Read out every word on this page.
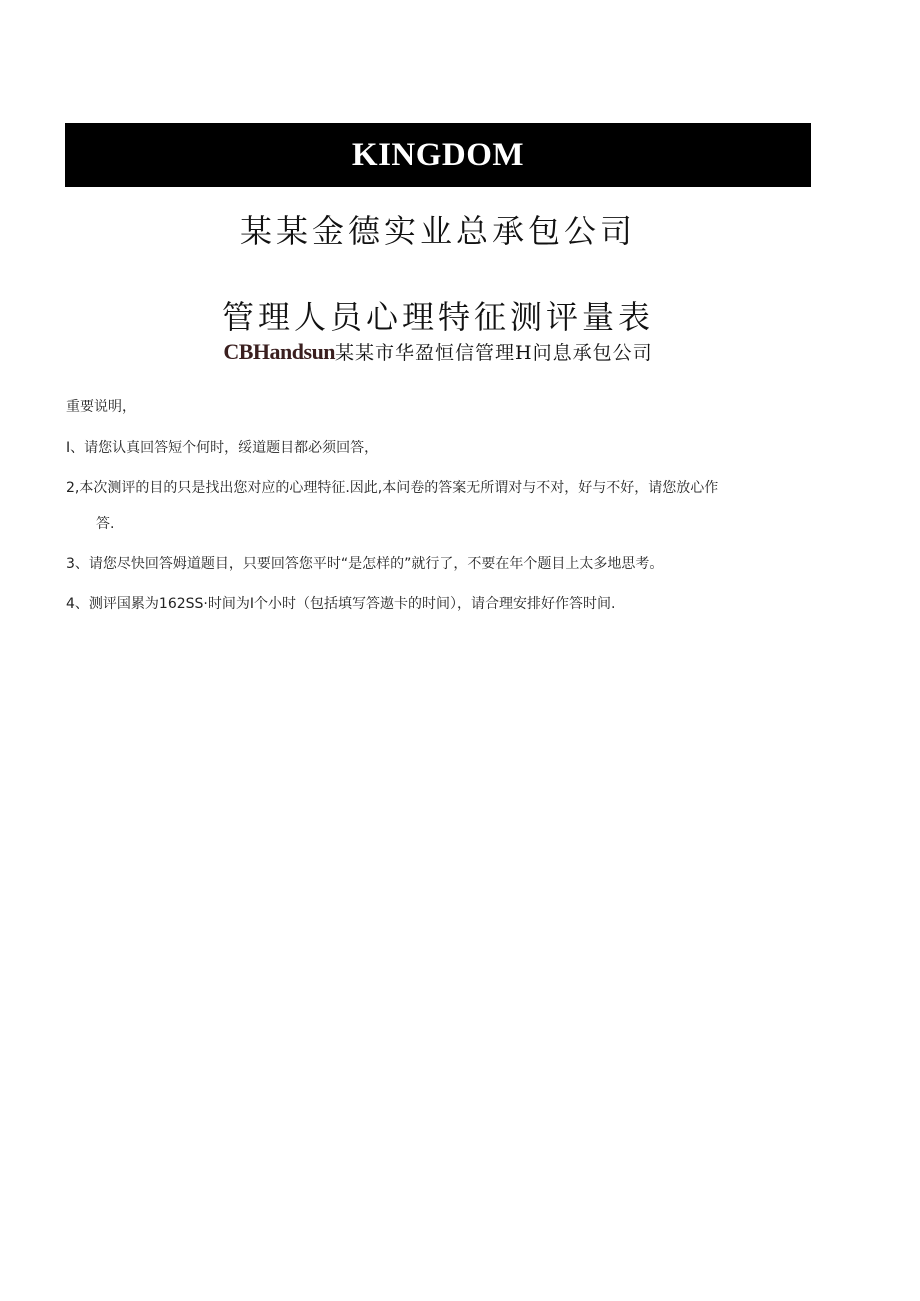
KINGDOM
某某金德实业总承包公司
管理人员心理特征测评量表
CBHandsun某某市华盈恒信管理H问息承包公司

重要说明，

I、请您认真回答短个何时，绥道题目都必须回答，

2,本次测评的目的只是找出您对应的心理特征.因此,本问卷的答案无所谓对与不对，好与不好，请您放心作

答.

3、请您尽快回答姆道题目，只要回答您平时“是怎样的”就行了，不要在年个题目上太多地思考。

4、测评国累为162SS·时间为I个小时（包括填写答遨卡的时间），请合理安排好作答时间.
